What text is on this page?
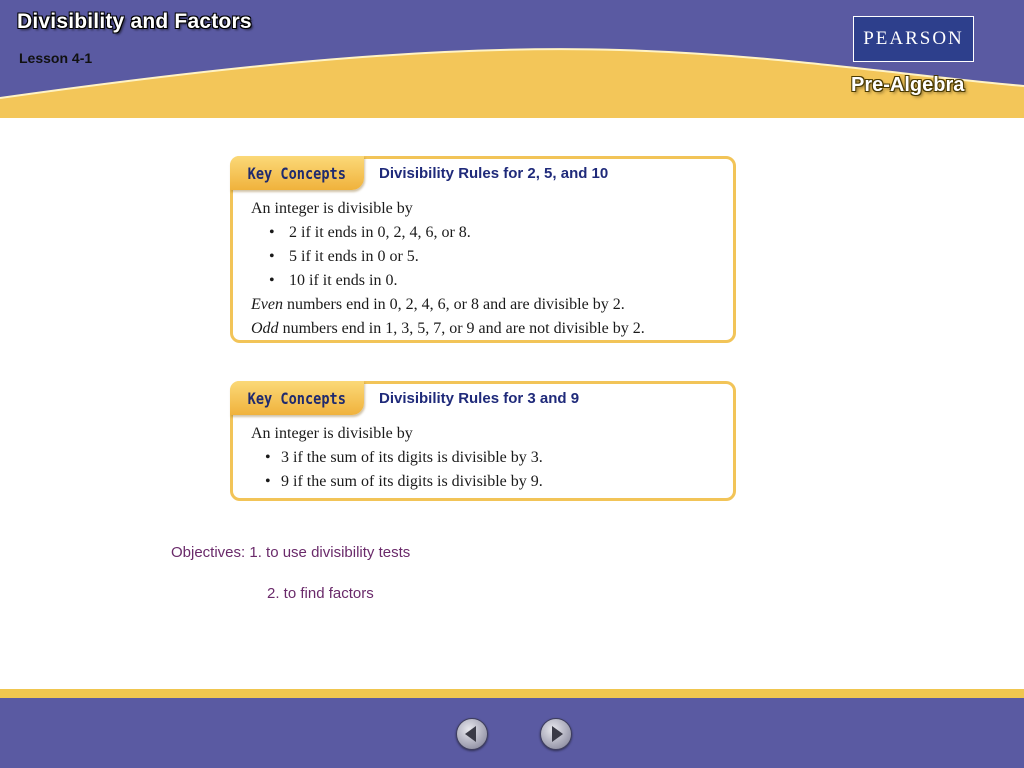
Divisibility and Factors
Lesson 4-1
PEARSON
Pre-Algebra
Key Concepts Divisibility Rules for 2, 5, and 10
An integer is divisible by
• 2 if it ends in 0, 2, 4, 6, or 8.
• 5 if it ends in 0 or 5.
• 10 if it ends in 0.

Even numbers end in 0, 2, 4, 6, or 8 and are divisible by 2.

Odd numbers end in 1, 3, 5, 7, or 9 and are not divisible by 2.

Key Concepts Divisibility Rules for 3 and 9
An integer is divisible by
• 3 if the sum of its digits is divisible by 3.
• 9 if the sum of its digits is divisible by 9.
Objectives: 1. to use divisibility tests
2. to find factors
